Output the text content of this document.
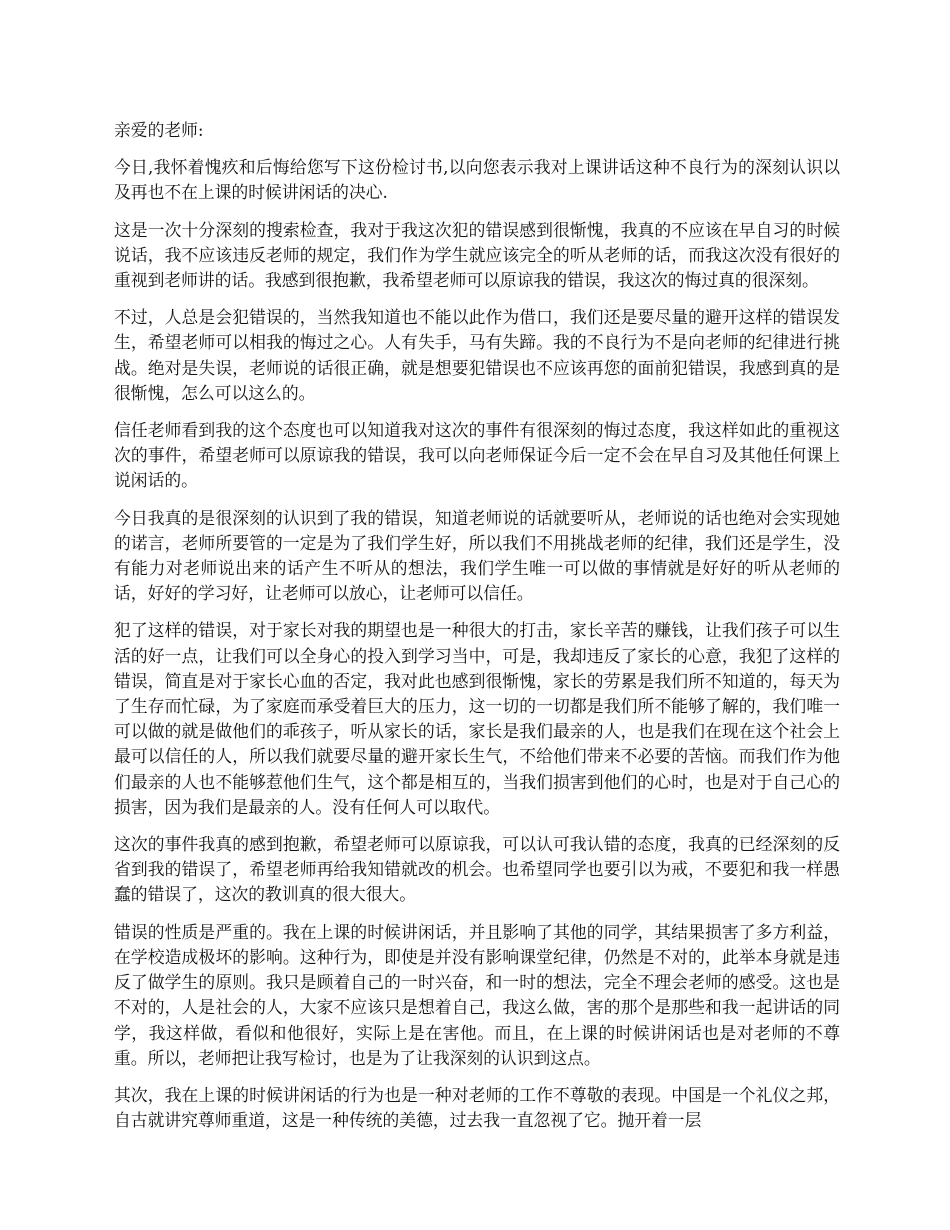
亲爱的老师:

今日,我怀着愧疚和后悔给您写下这份检讨书,以向您表示我对上课讲话这种不良行为的深刻认识以及再也不在上课的时候讲闲话的决心.

这是一次十分深刻的搜索检查，我对于我这次犯的错误感到很惭愧，我真的不应该在早自习的时候说话，我不应该违反老师的规定，我们作为学生就应该完全的听从老师的话，而我这次没有很好的重视到老师讲的话。我感到很抱歉，我希望老师可以原谅我的错误，我这次的悔过真的很深刻。

不过，人总是会犯错误的，当然我知道也不能以此作为借口，我们还是要尽量的避开这样的错误发生，希望老师可以相我的悔过之心。人有失手，马有失蹄。我的不良行为不是向老师的纪律进行挑战。绝对是失误，老师说的话很正确，就是想要犯错误也不应该再您的面前犯错误，我感到真的是很惭愧，怎么可以这么的。

信任老师看到我的这个态度也可以知道我对这次的事件有很深刻的悔过态度，我这样如此的重视这次的事件，希望老师可以原谅我的错误，我可以向老师保证今后一定不会在早自习及其他任何课上说闲话的。

今日我真的是很深刻的认识到了我的错误，知道老师说的话就要听从，老师说的话也绝对会实现她的诺言，老师所要管的一定是为了我们学生好，所以我们不用挑战老师的纪律，我们还是学生，没有能力对老师说出来的话产生不听从的想法，我们学生唯一可以做的事情就是好好的听从老师的话，好好的学习好，让老师可以放心，让老师可以信任。

犯了这样的错误，对于家长对我的期望也是一种很大的打击，家长辛苦的赚钱，让我们孩子可以生活的好一点，让我们可以全身心的投入到学习当中，可是，我却违反了家长的心意，我犯了这样的错误，简直是对于家长心血的否定，我对此也感到很惭愧，家长的劳累是我们所不知道的，每天为了生存而忙碌，为了家庭而承受着巨大的压力，这一切的一切都是我们所不能够了解的，我们唯一可以做的就是做他们的乖孩子，听从家长的话，家长是我们最亲的人，也是我们在现在这个社会上最可以信任的人，所以我们就要尽量的避开家长生气，不给他们带来不必要的苦恼。而我们作为他们最亲的人也不能够惹他们生气，这个都是相互的，当我们损害到他们的心时，也是对于自己心的损害，因为我们是最亲的人。没有任何人可以取代。

这次的事件我真的感到抱歉，希望老师可以原谅我，可以认可我认错的态度，我真的已经深刻的反省到我的错误了，希望老师再给我知错就改的机会。也希望同学也要引以为戒，不要犯和我一样愚蠢的错误了，这次的教训真的很大很大。

错误的性质是严重的。我在上课的时候讲闲话，并且影响了其他的同学，其结果损害了多方利益，在学校造成极坏的影响。这种行为，即使是并没有影响课堂纪律，仍然是不对的，此举本身就是违反了做学生的原则。我只是顾着自己的一时兴奋，和一时的想法，完全不理会老师的感受。这也是不对的，人是社会的人，大家不应该只是想着自己，我这么做，害的那个是那些和我一起讲话的同学，我这样做，看似和他很好，实际上是在害他。而且，在上课的时候讲闲话也是对老师的不尊重。所以，老师把让我写检讨，也是为了让我深刻的认识到这点。

其次，我在上课的时候讲闲话的行为也是一种对老师的工作不尊敬的表现。中国是一个礼仪之邦，自古就讲究尊师重道，这是一种传统的美德，过去我一直忽视了它。抛开着一层
